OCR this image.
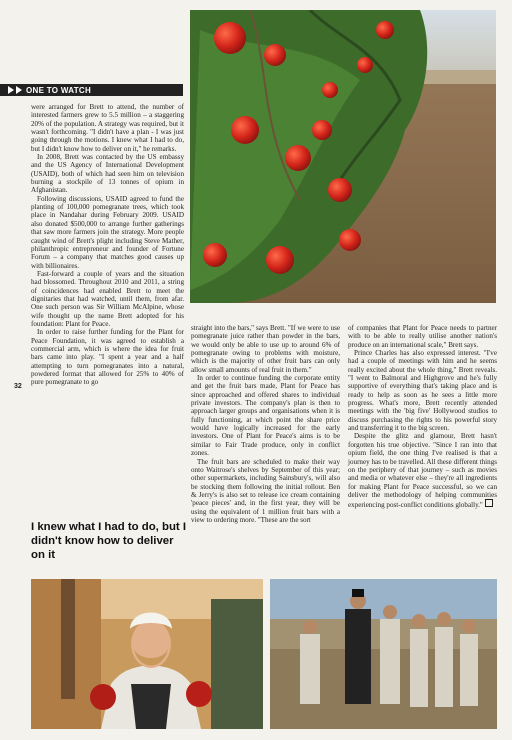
ONE TO WATCH

were arranged for Brett to attend, the number of interested farmers grew to 5.5 million – a staggering 20% of the population. A strategy was required, but it wasn't forthcoming. "I didn't have a plan - I was just going through the motions. I knew what I had to do, but I didn't know how to deliver on it," he remarks.

In 2008, Brett was contacted by the US embassy and the US Agency of International Development (USAID), both of which had seen him on television burning a stockpile of 13 tonnes of opium in Afghanistan.

Following discussions, USAID agreed to fund the planting of 100,000 pomegranate trees, which took place in Nandahar during February 2009. USAID also donated $500,000 to arrange further gatherings that saw more farmers join the strategy. More people caught wind of Brett's plight including Steve Mather, philanthropic entrepreneur and founder of Fortune Forum – a company that matches good causes up with billionaires.

Fast-forward a couple of years and the situation had blossomed. Throughout 2010 and 2011, a string of coincidences had enabled Brett to meet the dignitaries that had watched, until them, from afar. One such person was Sir William McAlpine, whose wife thought up the name Brett adopted for his foundation: Plant for Peace.

In order to raise further funding for the Plant for Peace Foundation, it was agreed to establish a commercial arm, which is where the idea for fruit bars came into play. "I spent a year and a half attempting to turn pomegranates into a natural, powdered format that allowed for 25% to 40% of pure pomegranate to go

32
I knew what I had to do, but I didn't know how to deliver on it

straight into the bars," says Brett. "If we were to use pomegranate juice rather than powder in the bars, we would only be able to use up to around 6% of pomegranate owing to problems with moisture, which is the majority of other fruit bars can only allow small amounts of real fruit in them."

In order to continue funding the corporate entity and get the fruit bars made, Plant for Peace has since approached and offered shares to individual private investors. The company's plan is then to approach larger groups and organisations when it is fully functioning, at which point the share price would have logically increased for the early investors. One of Plant for Peace's aims is to be similar to Fair Trade produce, only in conflict zones.

The fruit bars are scheduled to make their way onto Waitrose's shelves by September of this year; other supermarkets, including Sainsbury's, will also be stocking them following the initial rollout. Ben & Jerry's is also set to release ice cream containing 'peace pieces' and, in the first year, they will be using the equivalent of 1 million fruit bars with a view to ordering more. "These are the sort

of companies that Plant for Peace needs to partner with to be able to really utilise another nation's produce on an international scale," Brett says.

Prince Charles has also expressed interest. "I've had a couple of meetings with him and he seems really excited about the whole thing," Brett reveals. "I went to Balmoral and Highgrove and he's fully supportive of everything that's taking place and is ready to help as soon as he sees a little more progress. What's more, Brett recently attended meetings with the 'big five' Hollywood studios to discuss purchasing the rights to his powerful story and transferring it to the big screen.

Despite the glitz and glamour, Brett hasn't forgotten his true objective. "Since I ran into that opium field, the one thing I've realised is that a journey has to be travelled. All these different things on the periphery of that journey – such as movies and media or whatever else – they're all ingredients for making Plant for Peace successful, so we can deliver the methodology of helping communities experiencing post-conflict conditions globally."
